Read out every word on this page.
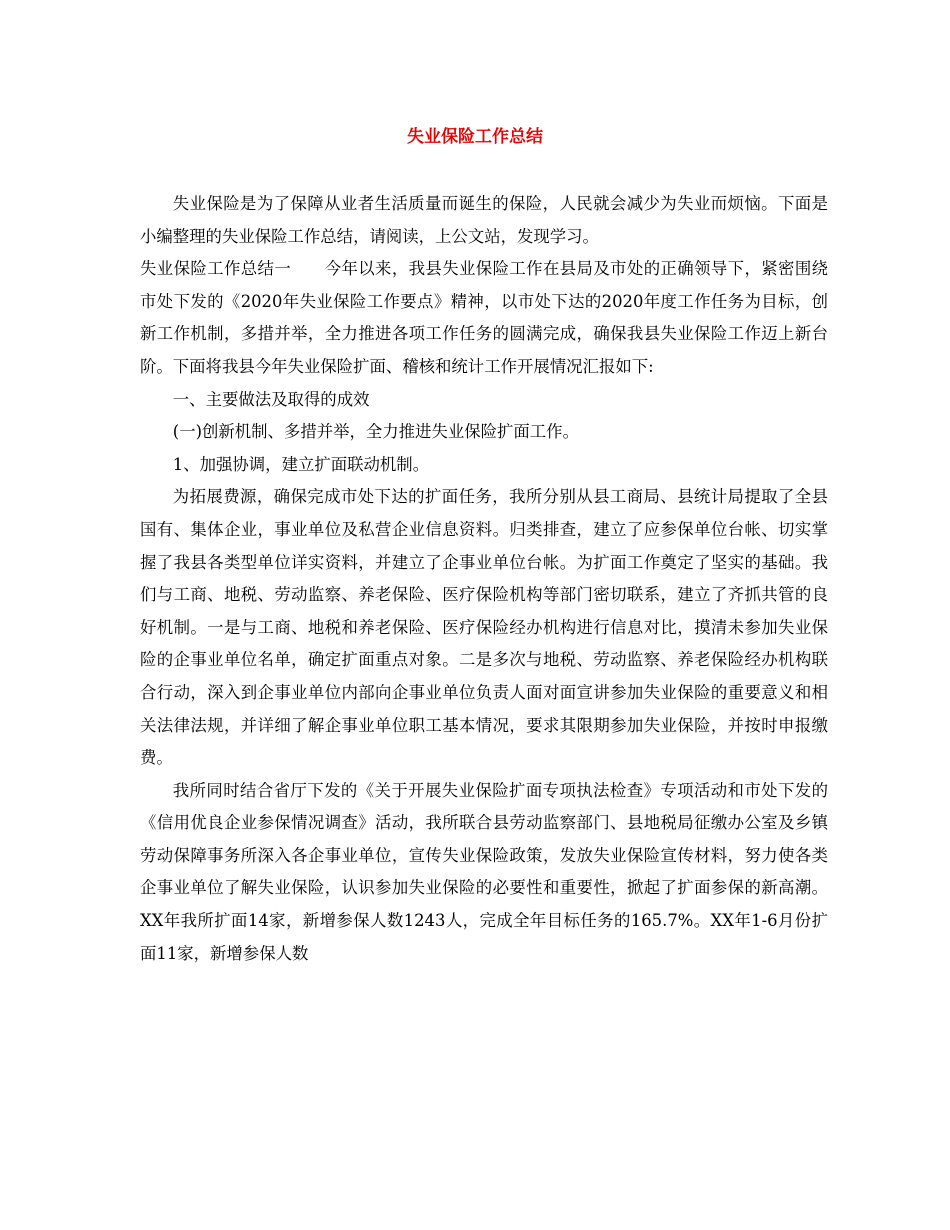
失业保险工作总结

失业保险是为了保障从业者生活质量而诞生的保险，人民就会减少为失业而烦恼。下面是小编整理的失业保险工作总结，请阅读，上公文站，发现学习。

失业保险工作总结一　　今年以来，我县失业保险工作在县局及市处的正确领导下，紧密围绕市处下发的《2020年失业保险工作要点》精神，以市处下达的2020年度工作任务为目标，创新工作机制，多措并举，全力推进各项工作任务的圆满完成，确保我县失业保险工作迈上新台阶。下面将我县今年失业保险扩面、稽核和统计工作开展情况汇报如下:

一、主要做法及取得的成效

(一)创新机制、多措并举，全力推进失业保险扩面工作。

1、加强协调，建立扩面联动机制。

为拓展费源，确保完成市处下达的扩面任务，我所分别从县工商局、县统计局提取了全县国有、集体企业，事业单位及私营企业信息资料。归类排查，建立了应参保单位台帐、切实掌握了我县各类型单位详实资料，并建立了企事业单位台帐。为扩面工作奠定了坚实的基础。我们与工商、地税、劳动监察、养老保险、医疗保险机构等部门密切联系，建立了齐抓共管的良好机制。一是与工商、地税和养老保险、医疗保险经办机构进行信息对比，摸清未参加失业保险的企事业单位名单，确定扩面重点对象。二是多次与地税、劳动监察、养老保险经办机构联合行动，深入到企事业单位内部向企事业单位负责人面对面宣讲参加失业保险的重要意义和相关法律法规，并详细了解企事业单位职工基本情况，要求其限期参加失业保险，并按时申报缴费。

我所同时结合省厅下发的《关于开展失业保险扩面专项执法检查》专项活动和市处下发的《信用优良企业参保情况调查》活动，我所联合县劳动监察部门、县地税局征缴办公室及乡镇劳动保障事务所深入各企事业单位，宣传失业保险政策，发放失业保险宣传材料，努力使各类企事业单位了解失业保险，认识参加失业保险的必要性和重要性，掀起了扩面参保的新高潮。XX年我所扩面14家，新增参保人数1243人，完成全年目标任务的165.7%。XX年1-6月份扩面11家，新增参保人数
